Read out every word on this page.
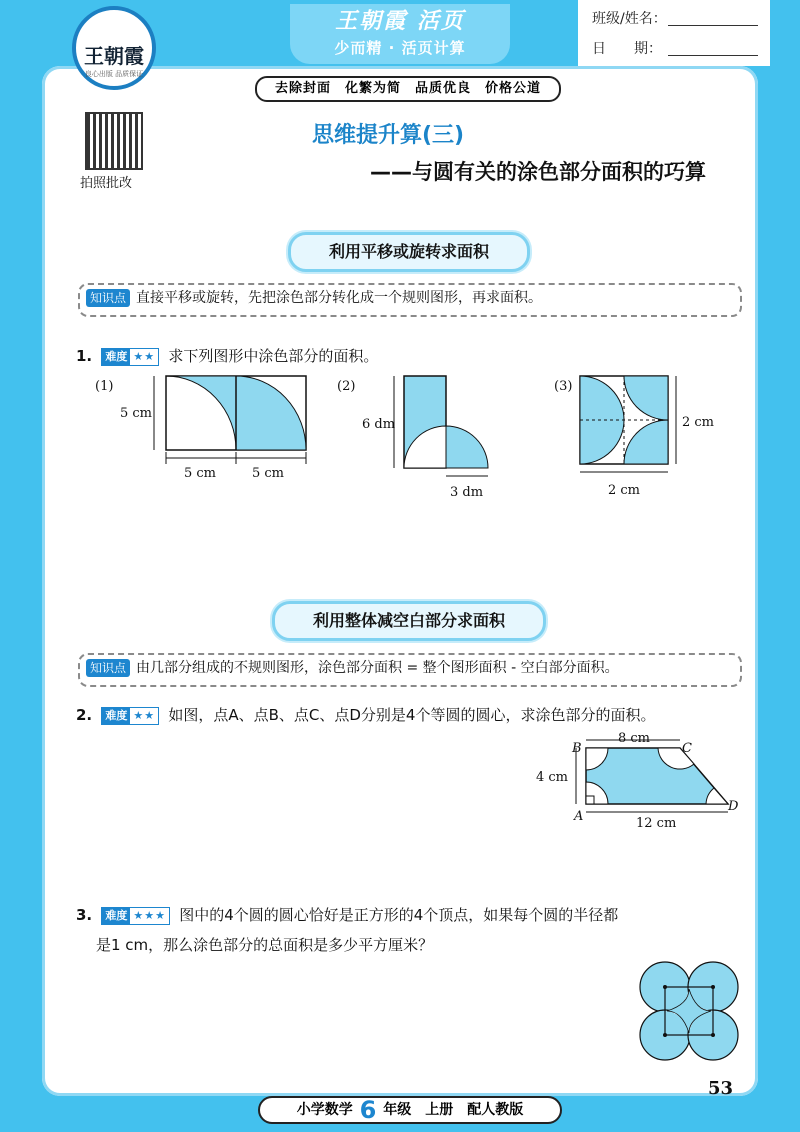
王朝霞
良心出版 品质保证
王朝霞 活页
少而精 · 活页计算
班级/姓名：
日　　期：
去除封面　化繁为简　品质优良　价格公道
拍照批改
思维提升算(三)
——与圆有关的涂色部分面积的巧算
利用平移或旋转求面积
知识点 直接平移或旋转，先把涂色部分转化成一个规则图形，再求面积。
1. 难度 ★★ 求下列图形中涂色部分的面积。
(1)
5 cm
5 cm	5 cm
(2)
6 dm
3 dm
(3)
2 cm
2 cm
利用整体减空白部分求面积
知识点 由几部分组成的不规则图形，涂色部分面积 = 整个图形面积 - 空白部分面积。
2. 难度 ★★ 如图，点A、点B、点C、点D分别是4个等圆的圆心，求涂色部分的面积。
8 cm
4 cm
12 cm
B
A
C
D
3. 难度 ★★★ 图中的4个圆的圆心恰好是正方形的4个顶点，如果每个圆的半径都
是1 cm，那么涂色部分的总面积是多少平方厘米？
53
小学数学 6 年级　上册　配人教版
